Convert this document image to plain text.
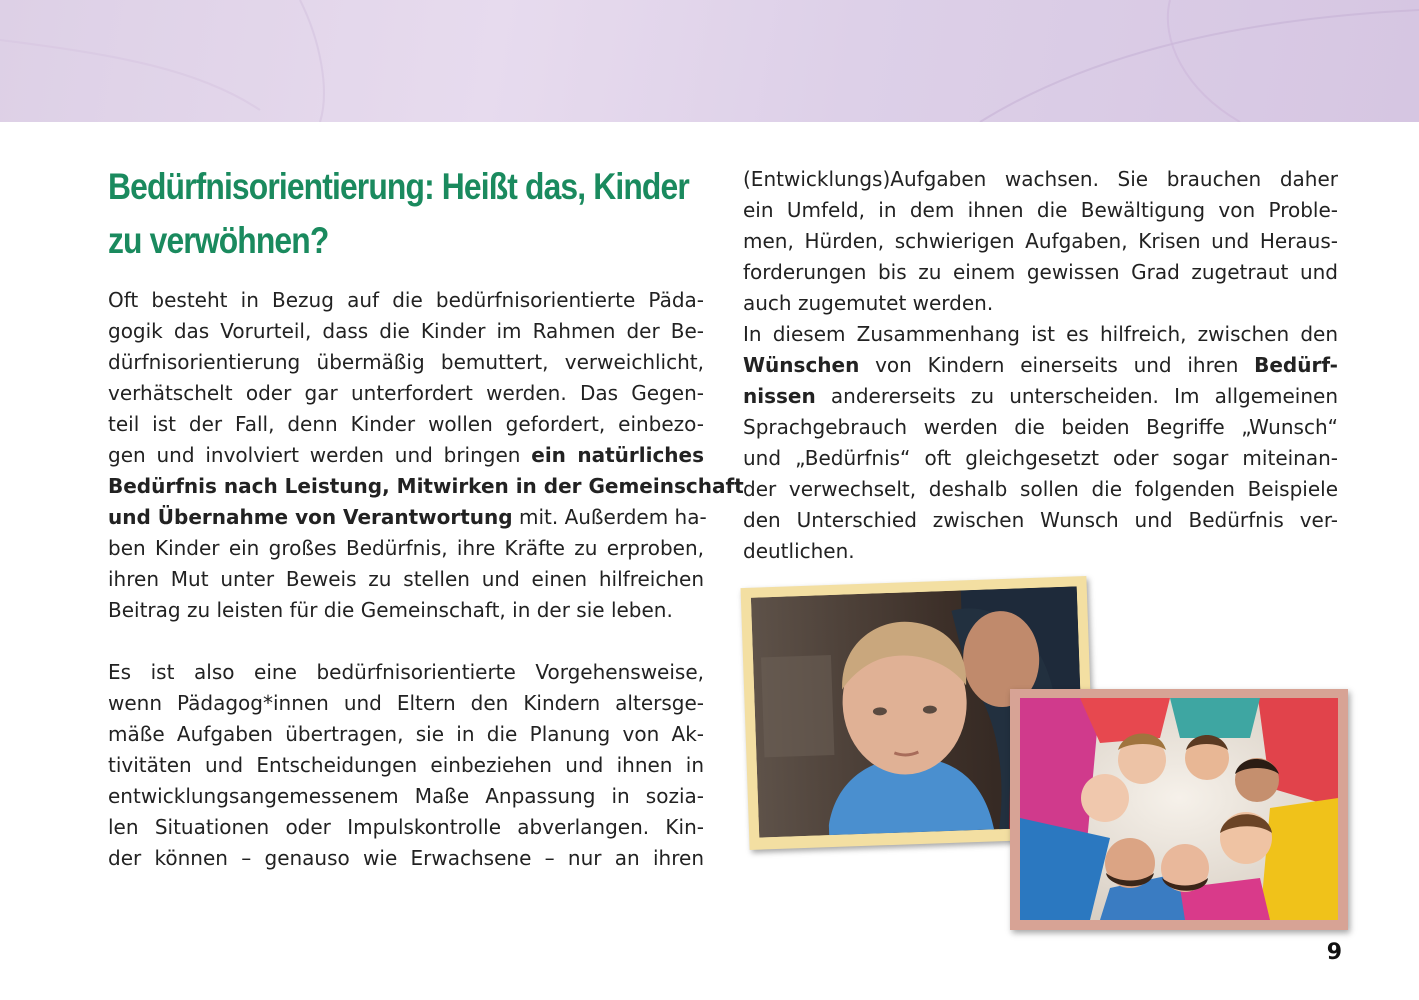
Bedürfnisorientierung: Heißt das, Kinder
zu verwöhnen?
Oft besteht in Bezug auf die bedürfnisorientierte Päda-
gogik das Vorurteil, dass die Kinder im Rahmen der Be-
dürfnisorientierung übermäßig bemuttert, verweichlicht,
verhätschelt oder gar unterfordert werden. Das Gegen-
teil ist der Fall, denn Kinder wollen gefordert, einbezo-
gen und involviert werden und bringen ein natürliches
Bedürfnis nach Leistung, Mitwirken in der Gemeinschaft
und Übernahme von Verantwortung mit. Außerdem ha-
ben Kinder ein großes Bedürfnis, ihre Kräfte zu erproben,
ihren Mut unter Beweis zu stellen und einen hilfreichen
Beitrag zu leisten für die Gemeinschaft, in der sie leben.
Es ist also eine bedürfnisorientierte Vorgehensweise,
wenn Pädagog*innen und Eltern den Kindern altersge-
mäße Aufgaben übertragen, sie in die Planung von Ak-
tivitäten und Entscheidungen einbeziehen und ihnen in
entwicklungsangemessenem Maße Anpassung in sozia-
len Situationen oder Impulskontrolle abverlangen. Kin-
der können – genauso wie Erwachsene – nur an ihren
(Entwicklungs)Aufgaben wachsen. Sie brauchen daher
ein Umfeld, in dem ihnen die Bewältigung von Proble-
men, Hürden, schwierigen Aufgaben, Krisen und Heraus-
forderungen bis zu einem gewissen Grad zugetraut und
auch zugemutet werden.
In diesem Zusammenhang ist es hilfreich, zwischen den
Wünschen von Kindern einerseits und ihren Bedürf-
nissen andererseits zu unterscheiden. Im allgemeinen
Sprachgebrauch werden die beiden Begriffe „Wunsch“
und „Bedürfnis“ oft gleichgesetzt oder sogar miteinan-
der verwechselt, deshalb sollen die folgenden Beispiele
den Unterschied zwischen Wunsch und Bedürfnis ver-
deutlichen.
9
